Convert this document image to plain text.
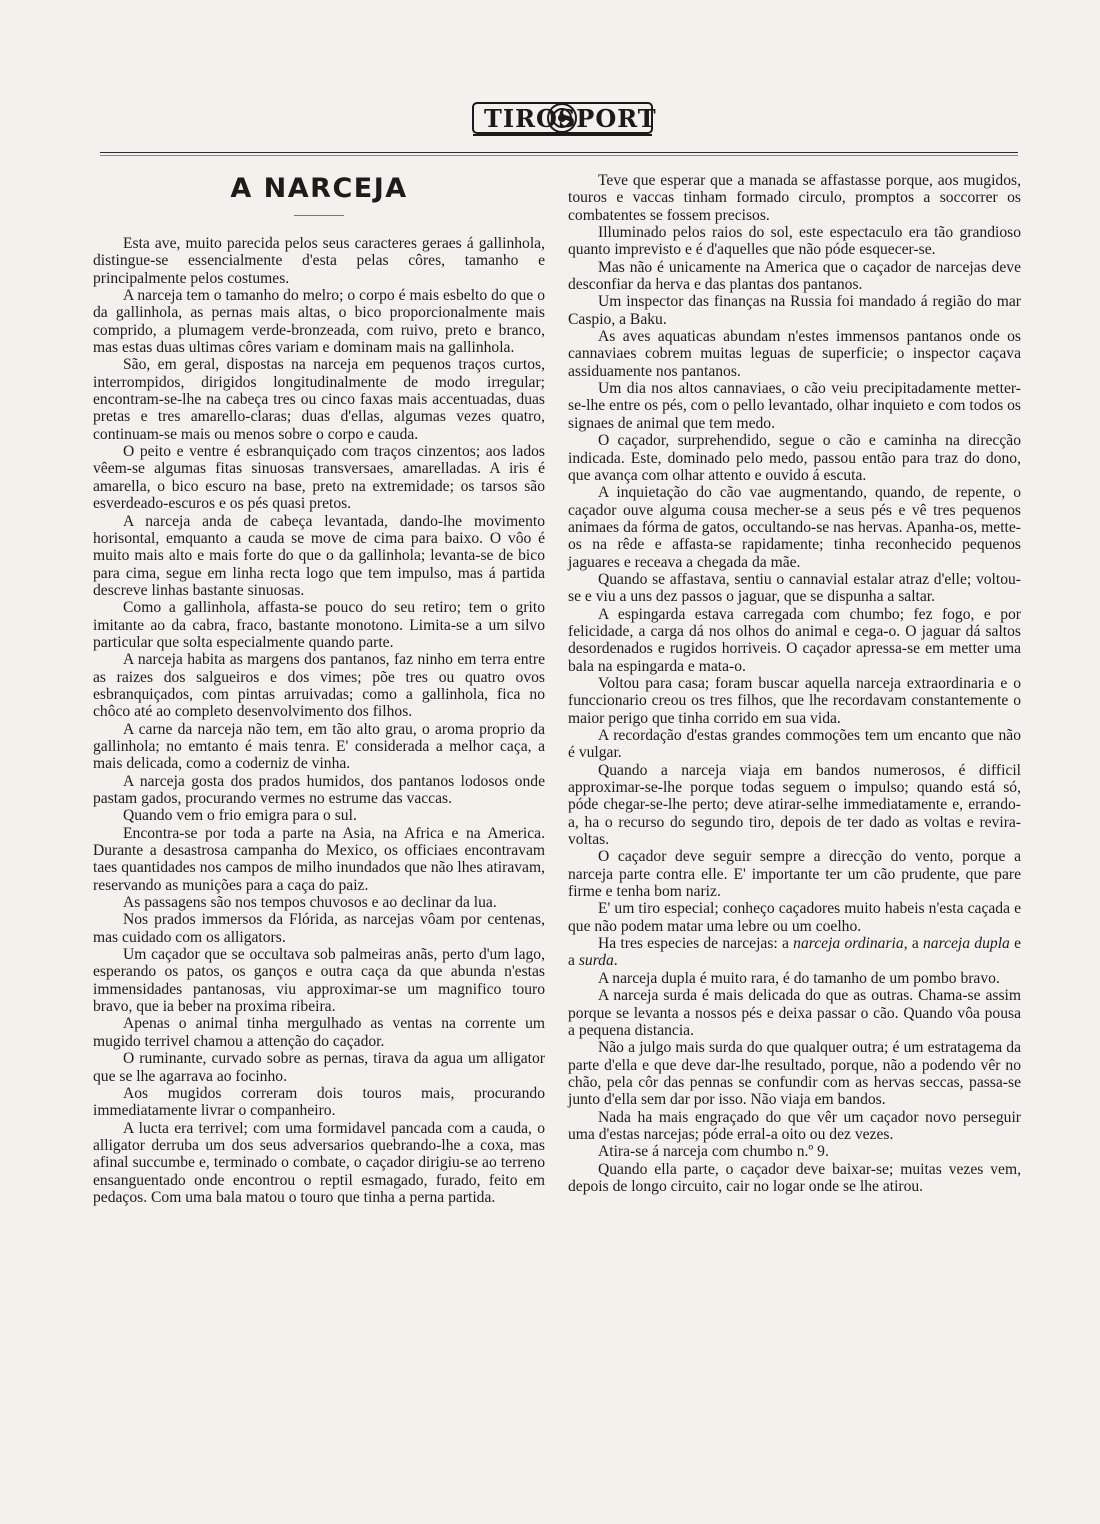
TIRO SPORT
A NARCEJA

Esta ave, muito parecida pelos seus caracteres geraes á gallinhola, distingue-se essencialmente d'esta pelas côres, tamanho e principalmente pelos costumes.

A narceja tem o tamanho do melro; o corpo é mais esbelto do que o da gallinhola, as pernas mais altas, o bico proporcionalmente mais comprido, a plumagem verde-bronzeada, com ruivo, preto e branco, mas estas duas ultimas côres variam e dominam mais na gallinhola.

São, em geral, dispostas na narceja em pequenos traços curtos, interrompidos, dirigidos longitudinalmente de modo irregular; encontram-se-lhe na cabeça tres ou cinco faxas mais accentuadas, duas pretas e tres amarello-claras; duas d'ellas, algumas vezes quatro, continuam-se mais ou menos sobre o corpo e cauda.

O peito e ventre é esbranquiçado com traços cinzentos; aos lados vêem-se algumas fitas sinuosas transversaes, amarelladas. A iris é amarella, o bico escuro na base, preto na extremidade; os tarsos são esverdeado-escuros e os pés quasi pretos.

A narceja anda de cabeça levantada, dando-lhe movimento horisontal, emquanto a cauda se move de cima para baixo. O vôo é muito mais alto e mais forte do que o da gallinhola; levanta-se de bico para cima, segue em linha recta logo que tem impulso, mas á partida descreve linhas bastante sinuosas.

Como a gallinhola, affasta-se pouco do seu retiro; tem o grito imitante ao da cabra, fraco, bastante monotono. Limita-se a um silvo particular que solta especialmente quando parte.

A narceja habita as margens dos pantanos, faz ninho em terra entre as raizes dos salgueiros e dos vimes; põe tres ou quatro ovos esbranquiçados, com pintas arruivadas; como a gallinhola, fica no chôco até ao completo desenvolvimento dos filhos.

A carne da narceja não tem, em tão alto grau, o aroma proprio da gallinhola; no emtanto é mais tenra. E' considerada a melhor caça, a mais delicada, como a coderniz de vinha.

A narceja gosta dos prados humidos, dos pantanos lodosos onde pastam gados, procurando vermes no estrume das vaccas.

Quando vem o frio emigra para o sul.

Encontra-se por toda a parte na Asia, na Africa e na America. Durante a desastrosa campanha do Mexico, os officiaes encontravam taes quantidades nos campos de milho inundados que não lhes atiravam, reservando as munições para a caça do paiz.

As passagens são nos tempos chuvosos e ao declinar da lua.

Nos prados immersos da Flórida, as narcejas vôam por centenas, mas cuidado com os alligators.

Um caçador que se occultava sob palmeiras anãs, perto d'um lago, esperando os patos, os ganços e outra caça da que abunda n'estas immensidades pantanosas, viu approximar-se um magnifico touro bravo, que ia beber na proxima ribeira.

Apenas o animal tinha mergulhado as ventas na corrente um mugido terrivel chamou a attenção do caçador.

O ruminante, curvado sobre as pernas, tirava da agua um alligator que se lhe agarrava ao focinho.

Aos mugidos correram dois touros mais, procurando immediatamente livrar o companheiro.

A lucta era terrivel; com uma formidavel pancada com a cauda, o alligator derruba um dos seus adversarios quebrando-lhe a coxa, mas afinal succumbe e, terminado o combate, o caçador dirigiu-se ao terreno ensanguentado onde encontrou o reptil esmagado, furado, feito em pedaços. Com uma bala matou o touro que tinha a perna partida.

Teve que esperar que a manada se affastasse porque, aos mugidos, touros e vaccas tinham formado circulo, promptos a soccorrer os combatentes se fossem precisos.

Illuminado pelos raios do sol, este espectaculo era tão grandioso quanto imprevisto e é d'aquelles que não póde esquecer-se.

Mas não é unicamente na America que o caçador de narcejas deve desconfiar da herva e das plantas dos pantanos.

Um inspector das finanças na Russia foi mandado á região do mar Caspio, a Baku.

As aves aquaticas abundam n'estes immensos pantanos onde os cannaviaes cobrem muitas leguas de superficie; o inspector caçava assiduamente nos pantanos.

Um dia nos altos cannaviaes, o cão veiu precipitadamente metter-se-lhe entre os pés, com o pello levantado, olhar inquieto e com todos os signaes de animal que tem medo.

O caçador, surprehendido, segue o cão e caminha na direcção indicada. Este, dominado pelo medo, passou então para traz do dono, que avança com olhar attento e ouvido á escuta.

A inquietação do cão vae augmentando, quando, de repente, o caçador ouve alguma cousa mecher-se a seus pés e vê tres pequenos animaes da fórma de gatos, occultando-se nas hervas. Apanha-os, mette-os na rêde e affasta-se rapidamente; tinha reconhecido pequenos jaguares e receava a chegada da mãe.

Quando se affastava, sentiu o cannavial estalar atraz d'elle; voltou-se e viu a uns dez passos o jaguar, que se dispunha a saltar.

A espingarda estava carregada com chumbo; fez fogo, e por felicidade, a carga dá nos olhos do animal e cega-o. O jaguar dá saltos desordenados e rugidos horriveis. O caçador apressa-se em metter uma bala na espingarda e mata-o.

Voltou para casa; foram buscar aquella narceja extraordinaria e o funccionario creou os tres filhos, que lhe recordavam constantemente o maior perigo que tinha corrido em sua vida.

A recordação d'estas grandes commoções tem um encanto que não é vulgar.

Quando a narceja viaja em bandos numerosos, é difficil approximar-se-lhe porque todas seguem o impulso; quando está só, póde chegar-se-lhe perto; deve atirar-selhe immediatamente e, errando-a, ha o recurso do segundo tiro, depois de ter dado as voltas e revira-voltas.

O caçador deve seguir sempre a direcção do vento, porque a narceja parte contra elle. E' importante ter um cão prudente, que pare firme e tenha bom nariz.

E' um tiro especial; conheço caçadores muito habeis n'esta caçada e que não podem matar uma lebre ou um coelho.

Ha tres especies de narcejas: a narceja ordinaria, a narceja dupla e a surda.

A narceja dupla é muito rara, é do tamanho de um pombo bravo.

A narceja surda é mais delicada do que as outras. Chama-se assim porque se levanta a nossos pés e deixa passar o cão. Quando vôa pousa a pequena distancia.

Não a julgo mais surda do que qualquer outra; é um estratagema da parte d'ella e que deve dar-lhe resultado, porque, não a podendo vêr no chão, pela côr das pennas se confundir com as hervas seccas, passa-se junto d'ella sem dar por isso. Não viaja em bandos.

Nada ha mais engraçado do que vêr um caçador novo perseguir uma d'estas narcejas; póde erral-a oito ou dez vezes.

Atira-se á narceja com chumbo n.º 9.

Quando ella parte, o caçador deve baixar-se; muitas vezes vem, depois de longo circuito, cair no logar onde se lhe atirou.
